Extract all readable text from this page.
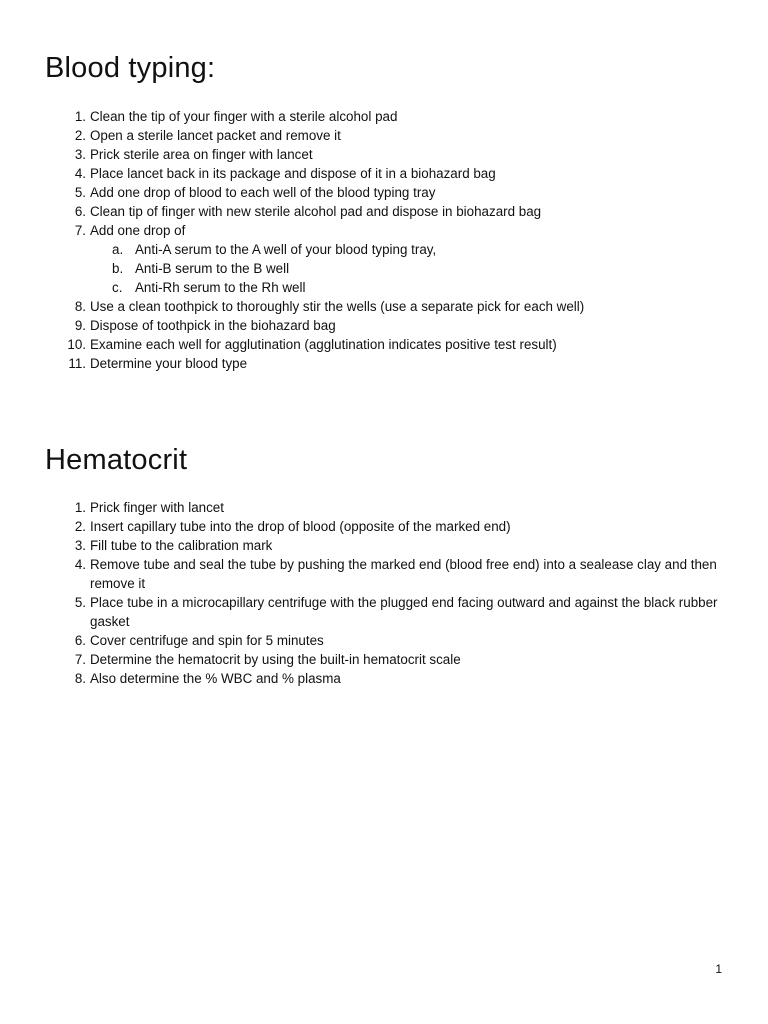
Blood typing:
1. Clean the tip of your finger with a sterile alcohol pad
2. Open a sterile lancet packet and remove it
3. Prick sterile area on finger with lancet
4. Place lancet back in its package and dispose of it in a biohazard bag
5. Add one drop of blood to each well of the blood typing tray
6. Clean tip of finger with new sterile alcohol pad and dispose in biohazard bag
7. Add one drop of
a. Anti-A serum to the A well of your blood typing tray,
b. Anti-B serum to the B well
c. Anti-Rh serum to the Rh well
8. Use a clean toothpick to thoroughly stir the wells (use a separate pick for each well)
9. Dispose of toothpick in the biohazard bag
10. Examine each well for agglutination (agglutination indicates positive test result)
11. Determine your blood type
Hematocrit
1. Prick finger with lancet
2. Insert capillary tube into the drop of blood (opposite of the marked end)
3. Fill tube to the calibration mark
4. Remove tube and seal the tube by pushing the marked end (blood free end) into a sealease clay and then remove it
5. Place tube in a microcapillary centrifuge with the plugged end facing outward and against the black rubber gasket
6. Cover centrifuge and spin for 5 minutes
7. Determine the hematocrit by using the built-in hematocrit scale
8. Also determine the % WBC and % plasma
1
